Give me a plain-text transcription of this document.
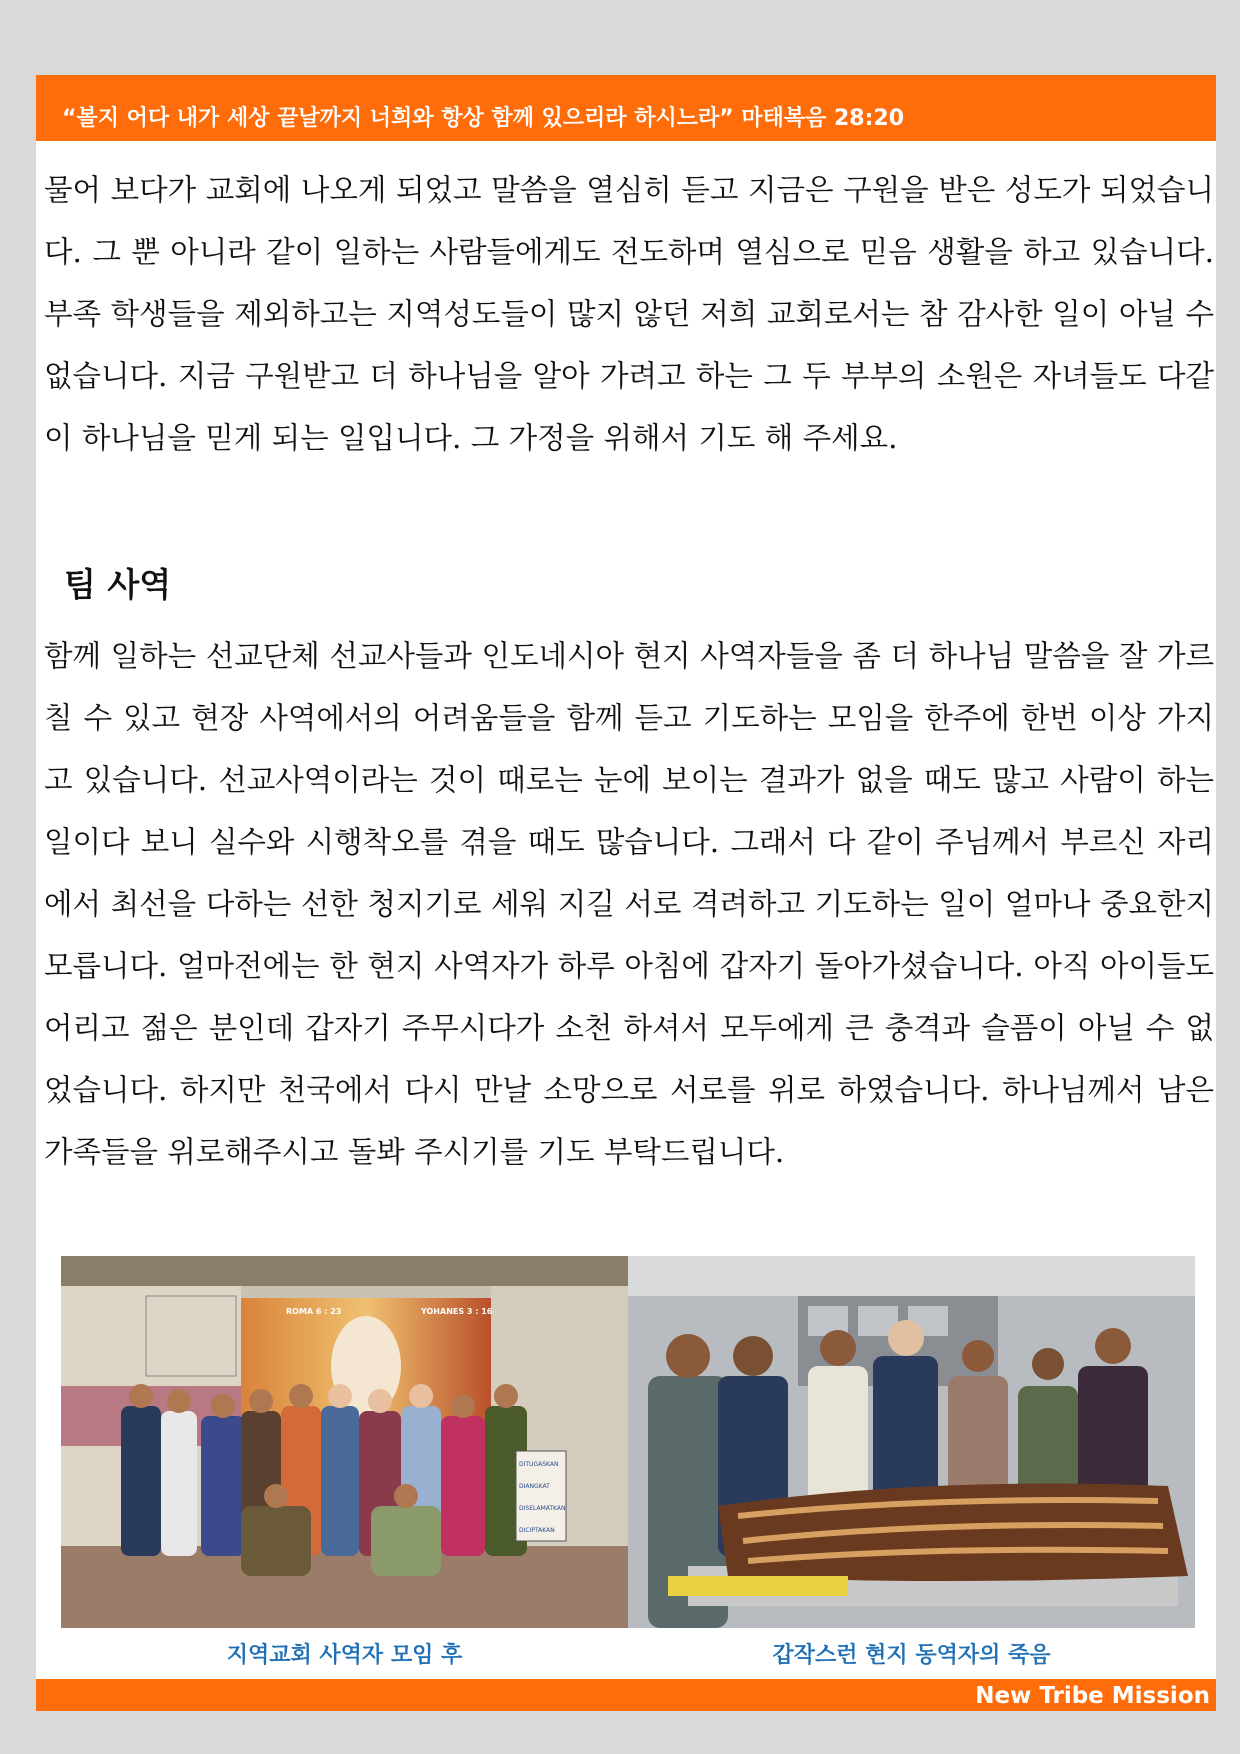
“볼지 어다 내가 세상 끝날까지 너희와 항상 함께 있으리라 하시느라” 마태복음 28:20

물어 보다가 교회에 나오게 되었고 말씀을 열심히 듣고 지금은 구원을 받은 성도가 되었습니다. 그 뿐 아니라 같이 일하는 사람들에게도 전도하며 열심으로 믿음 생활을 하고 있습니다. 부족 학생들을 제외하고는 지역성도들이 많지 않던 저희 교회로서는 참 감사한 일이 아닐 수 없습니다. 지금 구원받고 더 하나님을 알아 가려고 하는 그 두 부부의 소원은 자녀들도 다같이 하나님을 믿게 되는 일입니다. 그 가정을 위해서 기도 해 주세요.

팀 사역

함께 일하는 선교단체 선교사들과 인도네시아 현지 사역자들을 좀 더 하나님 말씀을 잘 가르칠 수 있고 현장 사역에서의 어려움들을 함께 듣고 기도하는 모임을 한주에 한번 이상 가지고 있습니다. 선교사역이라는 것이 때로는 눈에 보이는 결과가 없을 때도 많고 사람이 하는 일이다 보니 실수와 시행착오를 겪을 때도 많습니다. 그래서 다 같이 주님께서 부르신 자리에서 최선을 다하는 선한 청지기로 세워 지길 서로 격려하고 기도하는 일이 얼마나 중요한지 모릅니다. 얼마전에는 한 현지 사역자가 하루 아침에 갑자기 돌아가셨습니다. 아직 아이들도 어리고 젊은 분인데 갑자기 주무시다가 소천 하셔서 모두에게 큰 충격과 슬픔이 아닐 수 없었습니다. 하지만 천국에서 다시 만날 소망으로 서로를 위로 하였습니다. 하나님께서 남은 가족들을 위로해주시고 돌봐 주시기를 기도 부탁드립니다.

ROMA 6 : 23	YOHANES 3 : 16
DITUGASKAN
DIANGKAT
DISELAMATKAN
DICIPTAKAN
지역교회 사역자 모임 후	갑작스런 현지 동역자의 죽음
New Tribe Mission
